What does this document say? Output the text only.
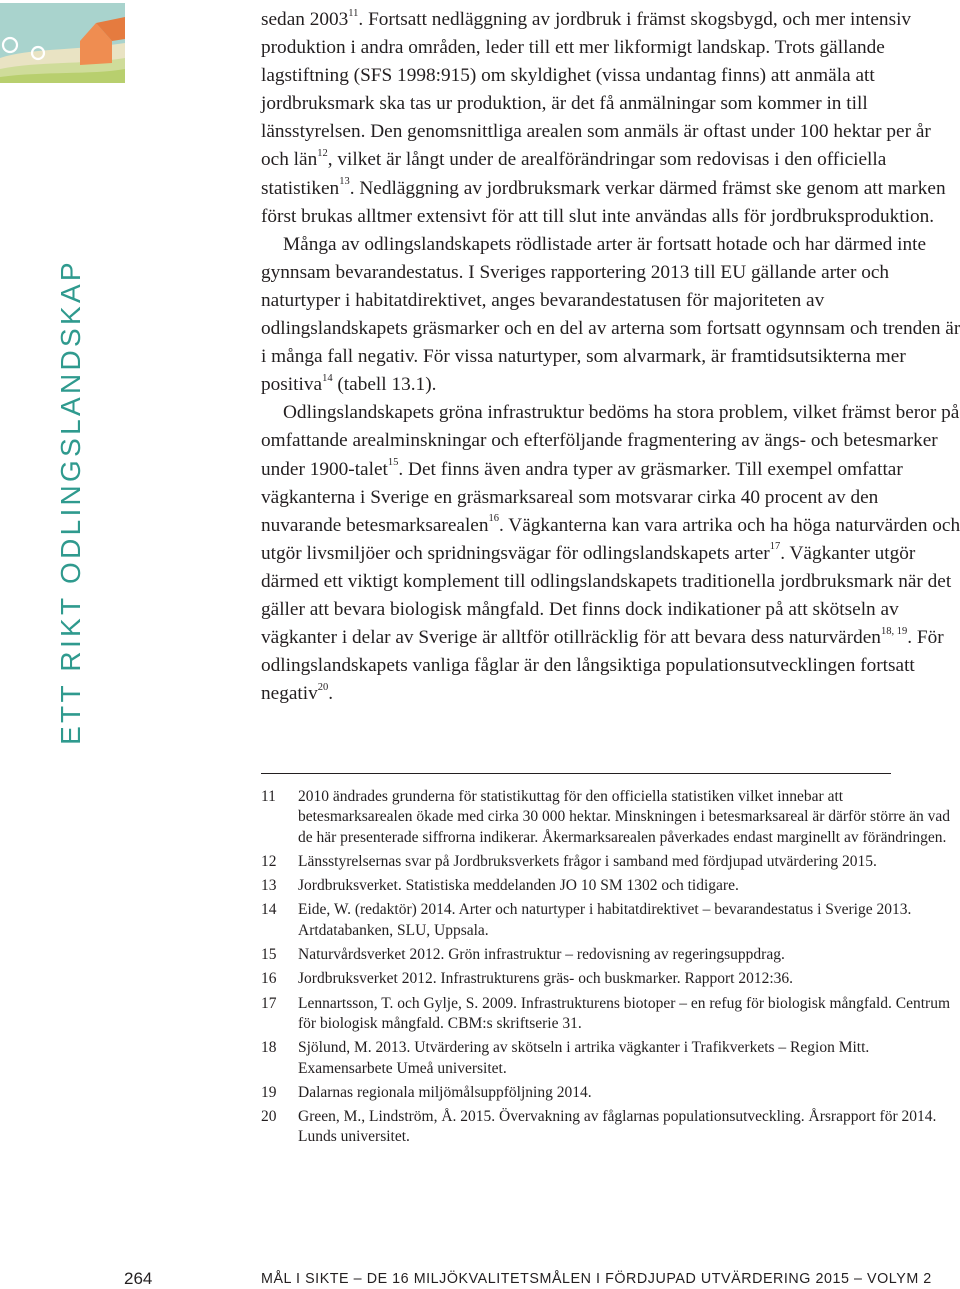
ETT RIKT ODLINGSLANDSKAP

sedan 2003$^{11}$. Fortsatt nedläggning av jordbruk i främst skogsbygd, och mer intensiv produktion i andra områden, leder till ett mer likformigt landskap. Trots gällande lagstiftning (SFS 1998:915) om skyldighet (vissa undantag finns) att anmäla att jordbruksmark ska tas ur produktion, är det få anmälningar som kommer in till länsstyrelsen. Den genomsnittliga arealen som anmäls är oftast under 100 hektar per år och län$^{12}$, vilket är långt under de arealförändringar som redovisas i den officiella statistiken$^{13}$. Nedläggning av jordbruksmark verkar därmed främst ske genom att marken först brukas alltmer extensivt för att till slut inte användas alls för jordbruksproduktion.

Många av odlingslandskapets rödlistade arter är fortsatt hotade och har därmed inte gynnsam bevarandestatus. I Sveriges rapportering 2013 till EU gällande arter och naturtyper i habitatdirektivet, anges bevarandestatusen för majoriteten av odlingslandskapets gräsmarker och en del av arterna som fortsatt ogynnsam och trenden är i många fall negativ. För vissa naturtyper, som alvarmark, är framtidsutsikterna mer positiva$^{14}$ (tabell 13.1).

Odlingslandskapets gröna infrastruktur bedöms ha stora problem, vilket främst beror på omfattande arealminskningar och efterföljande fragmentering av ängs- och betesmarker under 1900-talet$^{15}$. Det finns även andra typer av gräsmarker. Till exempel omfattar vägkanterna i Sverige en gräsmarksareal som motsvarar cirka 40 procent av den nuvarande betesmarksarealen$^{16}$. Vägkanterna kan vara artrika och ha höga naturvärden och utgör livsmiljöer och spridningsvägar för odlingslandskapets arter$^{17}$. Vägkanter utgör därmed ett viktigt komplement till odlingslandskapets traditionella jordbruksmark när det gäller att bevara biologisk mångfald. Det finns dock indikationer på att skötseln av vägkanter i delar av Sverige är alltför otillräcklig för att bevara dess naturvärden$^{18, 19}$. För odlingslandskapets vanliga fåglar är den långsiktiga populationsutvecklingen fortsatt negativ$^{20}$.

11	2010 ändrades grunderna för statistikuttag för den officiella statistiken vilket innebar att betesmarksarealen ökade med cirka 30 000 hektar. Minskningen i betesmarksareal är därför större än vad de här presenterade siffrorna indikerar. Åkermarksarealen påverkades endast marginellt av förändringen.
12	Länsstyrelsernas svar på Jordbruksverkets frågor i samband med fördjupad utvärdering 2015.
13	Jordbruksverket. Statistiska meddelanden JO 10 SM 1302 och tidigare.
14	Eide, W. (redaktör) 2014. Arter och naturtyper i habitatdirektivet – bevarandestatus i Sverige 2013. Artdatabanken, SLU, Uppsala.
15	Naturvårdsverket 2012. Grön infrastruktur – redovisning av regeringsuppdrag.
16	Jordbruksverket 2012. Infrastrukturens gräs- och buskmarker. Rapport 2012:36.
17	Lennartsson, T. och Gylje, S. 2009. Infrastrukturens biotoper – en refug för biologisk mångfald. Centrum för biologisk mångfald. CBM:s skriftserie 31.
18	Sjölund, M. 2013. Utvärdering av skötseln i artrika vägkanter i Trafikverkets – Region Mitt. Examensarbete Umeå universitet.
19	Dalarnas regionala miljömålsuppföljning 2014.
20	Green, M., Lindström, Å. 2015. Övervakning av fåglarnas populationsutveckling. Årsrapport för 2014. Lunds universitet.
264	MÅL I SIKTE – DE 16 MILJÖKVALITETSMÅLEN I FÖRDJUPAD UTVÄRDERING 2015 – VOLYM 2
